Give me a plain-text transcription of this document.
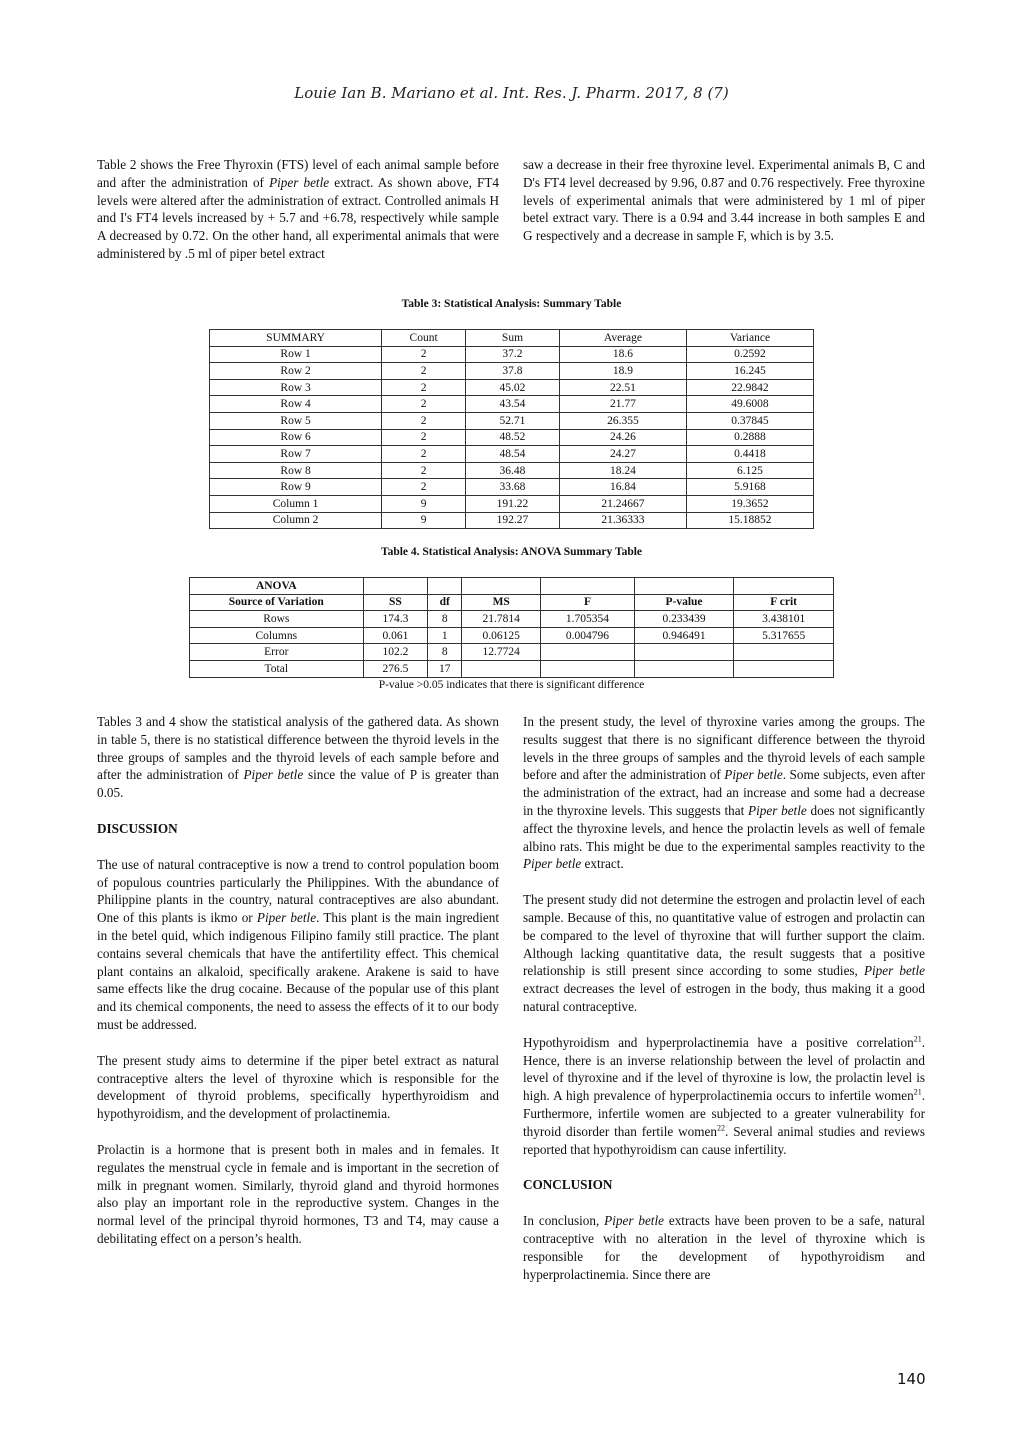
Louie Ian B. Mariano et al. Int. Res. J. Pharm. 2017, 8 (7)

Table 2 shows the Free Thyroxin (FTS) level of each animal sample before and after the administration of Piper betle extract. As shown above, FT4 levels were altered after the administration of extract. Controlled animals H and I's FT4 levels increased by + 5.7 and +6.78, respectively while sample A decreased by 0.72. On the other hand, all experimental animals that were administered by .5 ml of piper betel extract

saw a decrease in their free thyroxine level. Experimental animals B, C and D's FT4 level decreased by 9.96, 0.87 and 0.76 respectively. Free thyroxine levels of experimental animals that were administered by 1 ml of piper betel extract vary. There is a 0.94 and 3.44 increase in both samples E and G respectively and a decrease in sample F, which is by 3.5.

Table 3: Statistical Analysis: Summary Table
SUMMARY	Count	Sum	Average	Variance
Row 1	2	37.2	18.6	0.2592
Row 2	2	37.8	18.9	16.245
Row 3	2	45.02	22.51	22.9842
Row 4	2	43.54	21.77	49.6008
Row 5	2	52.71	26.355	0.37845
Row 6	2	48.52	24.26	0.2888
Row 7	2	48.54	24.27	0.4418
Row 8	2	36.48	18.24	6.125
Row 9	2	33.68	16.84	5.9168
Column 1	9	191.22	21.24667	19.3652
Column 2	9	192.27	21.36333	15.18852
Table 4. Statistical Analysis: ANOVA Summary Table
ANOVA						
Source of Variation	SS	df	MS	F	P-value	F crit
Rows	174.3	8	21.7814	1.705354	0.233439	3.438101
Columns	0.061	1	0.06125	0.004796	0.946491	5.317655
Error	102.2	8	12.7724			
Total	276.5	17				
P-value >0.05 indicates that there is significant difference

Tables 3 and 4 show the statistical analysis of the gathered data. As shown in table 5, there is no statistical difference between the thyroid levels in the three groups of samples and the thyroid levels of each sample before and after the administration of Piper betle since the value of P is greater than 0.05.

DISCUSSION

The use of natural contraceptive is now a trend to control population boom of populous countries particularly the Philippines. With the abundance of Philippine plants in the country, natural contraceptives are also abundant. One of this plants is ikmo or Piper betle. This plant is the main ingredient in the betel quid, which indigenous Filipino family still practice. The plant contains several chemicals that have the antifertility effect. This chemical plant contains an alkaloid, specifically arakene. Arakene is said to have same effects like the drug cocaine. Because of the popular use of this plant and its chemical components, the need to assess the effects of it to our body must be addressed.

The present study aims to determine if the piper betel extract as natural contraceptive alters the level of thyroxine which is responsible for the development of thyroid problems, specifically hyperthyroidism and hypothyroidism, and the development of prolactinemia.

Prolactin is a hormone that is present both in males and in females. It regulates the menstrual cycle in female and is important in the secretion of milk in pregnant women. Similarly, thyroid gland and thyroid hormones also play an important role in the reproductive system. Changes in the normal level of the principal thyroid hormones, T3 and T4, may cause a debilitating effect on a person’s health.

In the present study, the level of thyroxine varies among the groups. The results suggest that there is no significant difference between the thyroid levels in the three groups of samples and the thyroid levels of each sample before and after the administration of Piper betle. Some subjects, even after the administration of the extract, had an increase and some had a decrease in the thyroxine levels. This suggests that Piper betle does not significantly affect the thyroxine levels, and hence the prolactin levels as well of female albino rats. This might be due to the experimental samples reactivity to the Piper betle extract.

The present study did not determine the estrogen and prolactin level of each sample. Because of this, no quantitative value of estrogen and prolactin can be compared to the level of thyroxine that will further support the claim. Although lacking quantitative data, the result suggests that a positive relationship is still present since according to some studies, Piper betle extract decreases the level of estrogen in the body, thus making it a good natural contraceptive.

Hypothyroidism and hyperprolactinemia have a positive correlation$^{21}$. Hence, there is an inverse relationship between the level of prolactin and level of thyroxine and if the level of thyroxine is low, the prolactin level is high. A high prevalence of hyperprolactinemia occurs to infertile women$^{21}$. Furthermore, infertile women are subjected to a greater vulnerability for thyroid disorder than fertile women$^{22}$. Several animal studies and reviews reported that hypothyroidism can cause infertility.

CONCLUSION

In conclusion, Piper betle extracts have been proven to be a safe, natural contraceptive with no alteration in the level of thyroxine which is responsible for the development of hypothyroidism and hyperprolactinemia. Since there are

140
